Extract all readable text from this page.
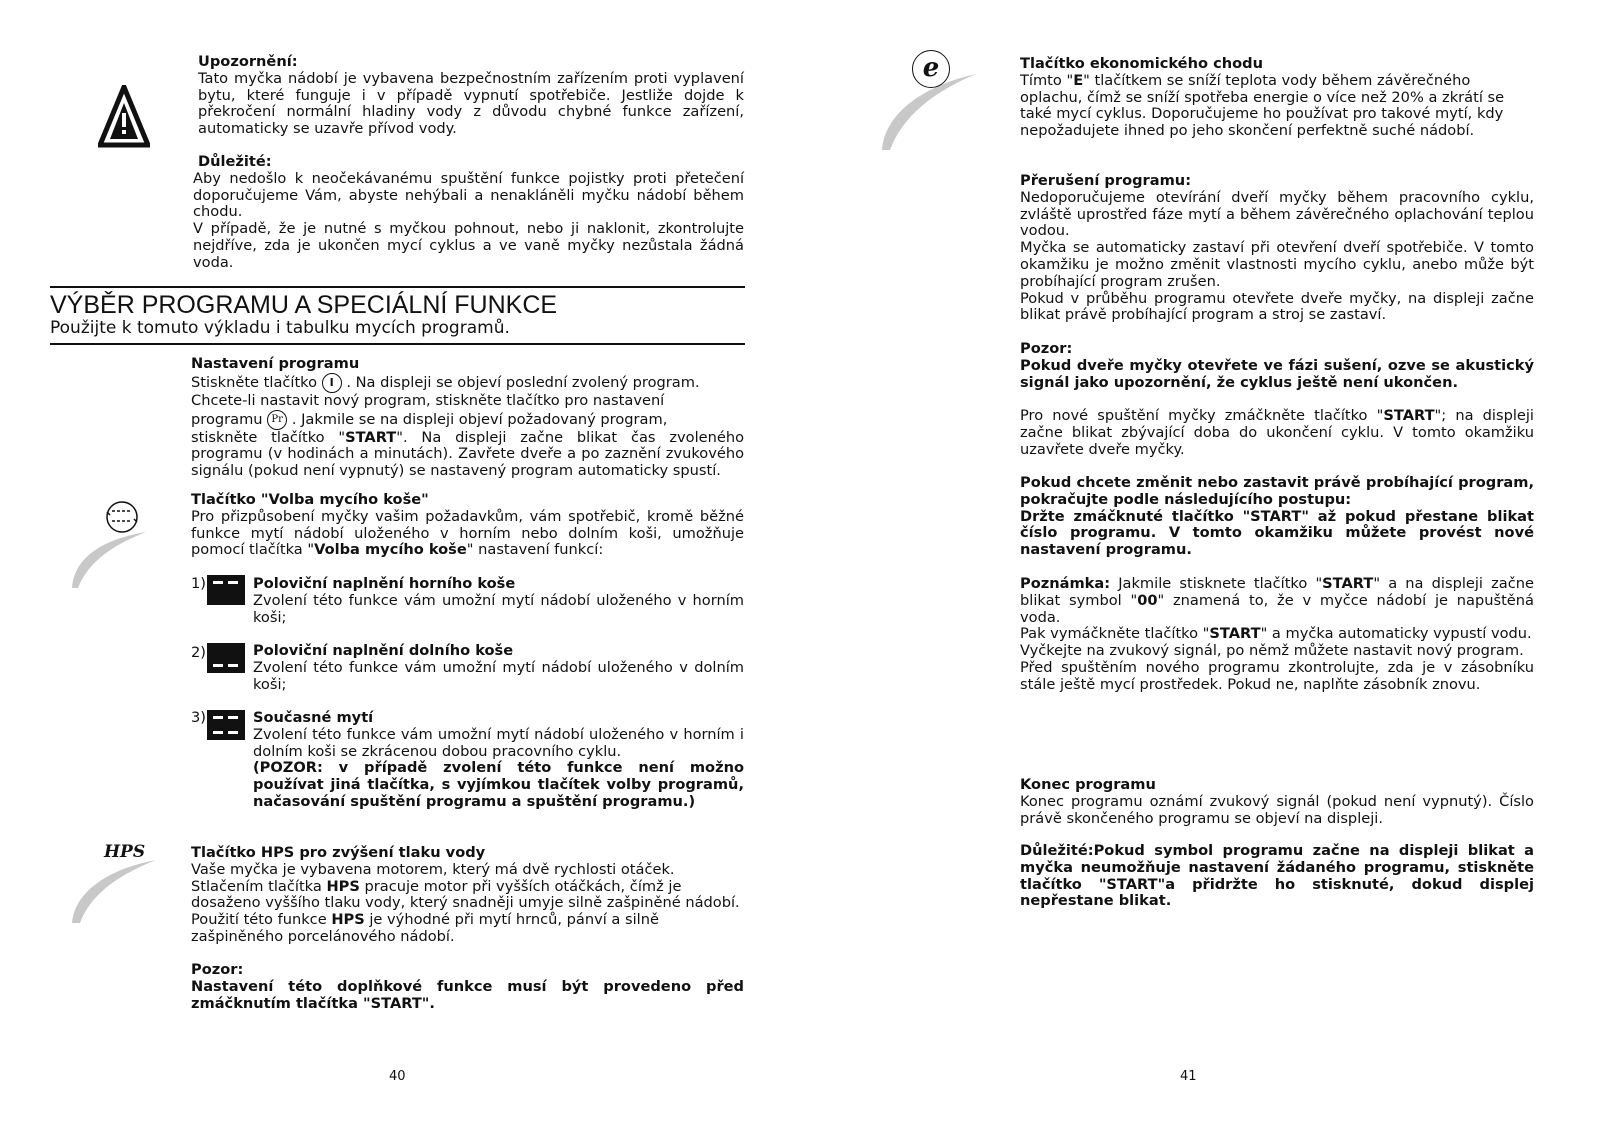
Upozornění:

Tato myčka nádobí je vybavena bezpečnostním zařízením proti vyplavení bytu, které funguje i v případě vypnutí spotřebiče. Jestliže dojde k překročení normální hladiny vody z důvodu chybné funkce zařízení, automaticky se uzavře přívod vody.

Důležité:

Aby nedošlo k neočekávanému spuštění funkce pojistky proti přetečení doporučujeme Vám, abyste nehýbali a nenakláněli myčku nádobí během chodu.

V případě, že je nutné s myčkou pohnout, nebo ji naklonit, zkontrolujte nejdříve, zda je ukončen mycí cyklus a ve vaně myčky nezůstala žádná voda.

VÝBĚR PROGRAMU A SPECIÁLNÍ FUNKCE
Použijte k tomuto výkladu i tabulku mycích programů.

Nastavení programu

Stiskněte tlačítko I . Na displeji se objeví poslední zvolený program.

Chcete-li nastavit nový program, stiskněte tlačítko pro nastavení

programu Pr . Jakmile se na displeji objeví požadovaný program,

stiskněte tlačítko "START". Na displeji začne blikat čas zvoleného programu (v hodinách a minutách). Zavřete dveře a po zaznění zvukového signálu (pokud není vypnutý) se nastavený program automaticky spustí.

Tlačítko "Volba mycího koše"

Pro přizpůsobení myčky vašim požadavkům, vám spotřebič, kromě běžné funkce mytí nádobí uloženého v horním nebo dolním koši, umožňuje pomocí tlačítka "Volba mycího koše" nastavení funkcí:

1)	Poloviční naplnění horního koše

Zvolení této funkce vám umožní mytí nádobí uloženého v horním koši;

2)	Poloviční naplnění dolního koše

Zvolení této funkce vám umožní mytí nádobí uloženého v dolním koši;

3)	Současné mytí

Zvolení této funkce vám umožní mytí nádobí uloženého v horním i dolním koši se zkrácenou dobou pracovního cyklu.

(POZOR: v případě zvolení této funkce není možno používat jiná tlačítka, s vyjímkou tlačítek volby programů, načasování spuštění programu a spuštění programu.)

HPS	Tlačítko HPS pro zvýšení tlaku vody

Vaše myčka je vybavena motorem, který má dvě rychlosti otáček. Stlačením tlačítka HPS pracuje motor při vyšších otáčkách, čímž je dosaženo vyššího tlaku vody, který snadněji umyje silně zašpiněné nádobí. Použití této funkce HPS je výhodné při mytí hrnců, pánví a silně zašpiněného porcelánového nádobí.

Pozor:

Nastavení této doplňkové funkce musí být provedeno před zmáčknutím tlačítka "START".

40
e	Tlačítko ekonomického chodu

Tímto "E" tlačítkem se sníží teplota vody během závěrečného oplachu, čímž se sníží spotřeba energie o více než 20% a zkrátí se také mycí cyklus. Doporučujeme ho používat pro takové mytí, kdy nepožadujete ihned po jeho skončení perfektně suché nádobí.

Přerušení programu:

Nedoporučujeme otevírání dveří myčky během pracovního cyklu, zvláště uprostřed fáze mytí a během závěrečného oplachování teplou vodou.

Myčka se automaticky zastaví při otevření dveří spotřebiče. V tomto okamžiku je možno změnit vlastnosti mycího cyklu, anebo může být probíhající program zrušen.

Pokud v průběhu programu otevřete dveře myčky, na displeji začne blikat právě probíhající program a stroj se zastaví.

Pozor:

Pokud dveře myčky otevřete ve fázi sušení, ozve se akustický signál jako upozornění, že cyklus ještě není ukončen.

Pro nové spuštění myčky zmáčkněte tlačítko "START"; na displeji začne blikat zbývající doba do ukončení cyklu. V tomto okamžiku uzavřete dveře myčky.

Pokud chcete změnit nebo zastavit právě probíhající program, pokračujte podle následujícího postupu:

Držte zmáčknuté tlačítko "START" až pokud přestane blikat číslo programu. V tomto okamžiku můžete provést nové nastavení programu.

Poznámka: Jakmile stisknete tlačítko "START" a na displeji začne blikat symbol "00" znamená to, že v myčce nádobí je napuštěná voda.

Pak vymáčkněte tlačítko "START" a myčka automaticky vypustí vodu.

Vyčkejte na zvukový signál, po němž můžete nastavit nový program.

Před spuštěním nového programu zkontrolujte, zda je v zásobníku stále ještě mycí prostředek. Pokud ne, naplňte zásobník znovu.

Konec programu

Konec programu oznámí zvukový signál (pokud není vypnutý). Číslo právě skončeného programu se objeví na displeji.

Důležité:Pokud symbol programu začne na displeji blikat a myčka neumožňuje nastavení žádaného programu, stiskněte tlačítko "START"a přidržte ho stisknuté, dokud displej nepřestane blikat.

41
